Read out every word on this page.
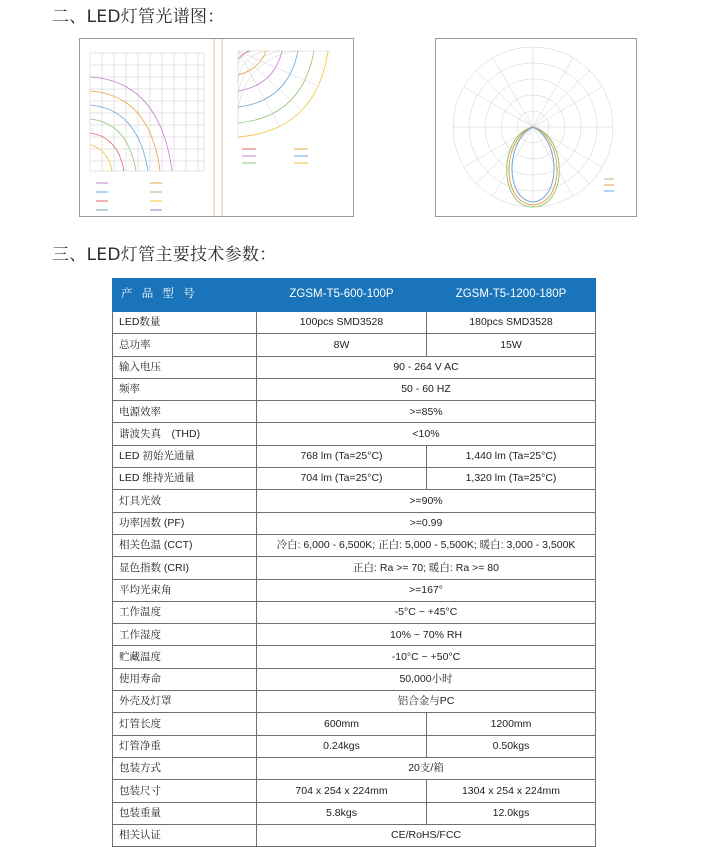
二、LED灯管光谱图：
三、LED灯管主要技术参数：
产 品 型 号	ZGSM-T5-600-100P	ZGSM-T5-1200-180P
LED数量	100pcs SMD3528	180pcs SMD3528
总功率	8W	15W
输入电压	90 - 264 V AC	
频率	50 - 60 HZ	
电源效率	>=85%	
谐波失真　(THD)	<10%	
LED 初始光通量	768 lm (Ta=25°C)	1,440 lm (Ta=25°C)
LED 维持光通量	704 lm (Ta=25°C)	1,320 lm (Ta=25°C)
灯具光效	>=90%	
功率因数 (PF)	>=0.99	
相关色温 (CCT)	冷白: 6,000 - 6,500K; 正白: 5,000 - 5,500K; 暖白: 3,000 - 3,500K	
显色指数 (CRI)	正白: Ra >= 70; 暖白: Ra >= 80	
平均光束角	>=167°	
工作温度	-5°C ~ +45°C	
工作湿度	10% ~ 70% RH	
贮藏温度	-10°C ~ +50°C	
使用寿命	50,000小时	
外壳及灯罩	铝合金与PC	
灯管长度	600mm	1200mm
灯管净重	0.24kgs	0.50kgs
包装方式	20支/箱	
包装尺寸	704 x 254 x 224mm	1304 x 254 x 224mm
包装重量	5.8kgs	12.0kgs
相关认证	CE/RoHS/FCC	
